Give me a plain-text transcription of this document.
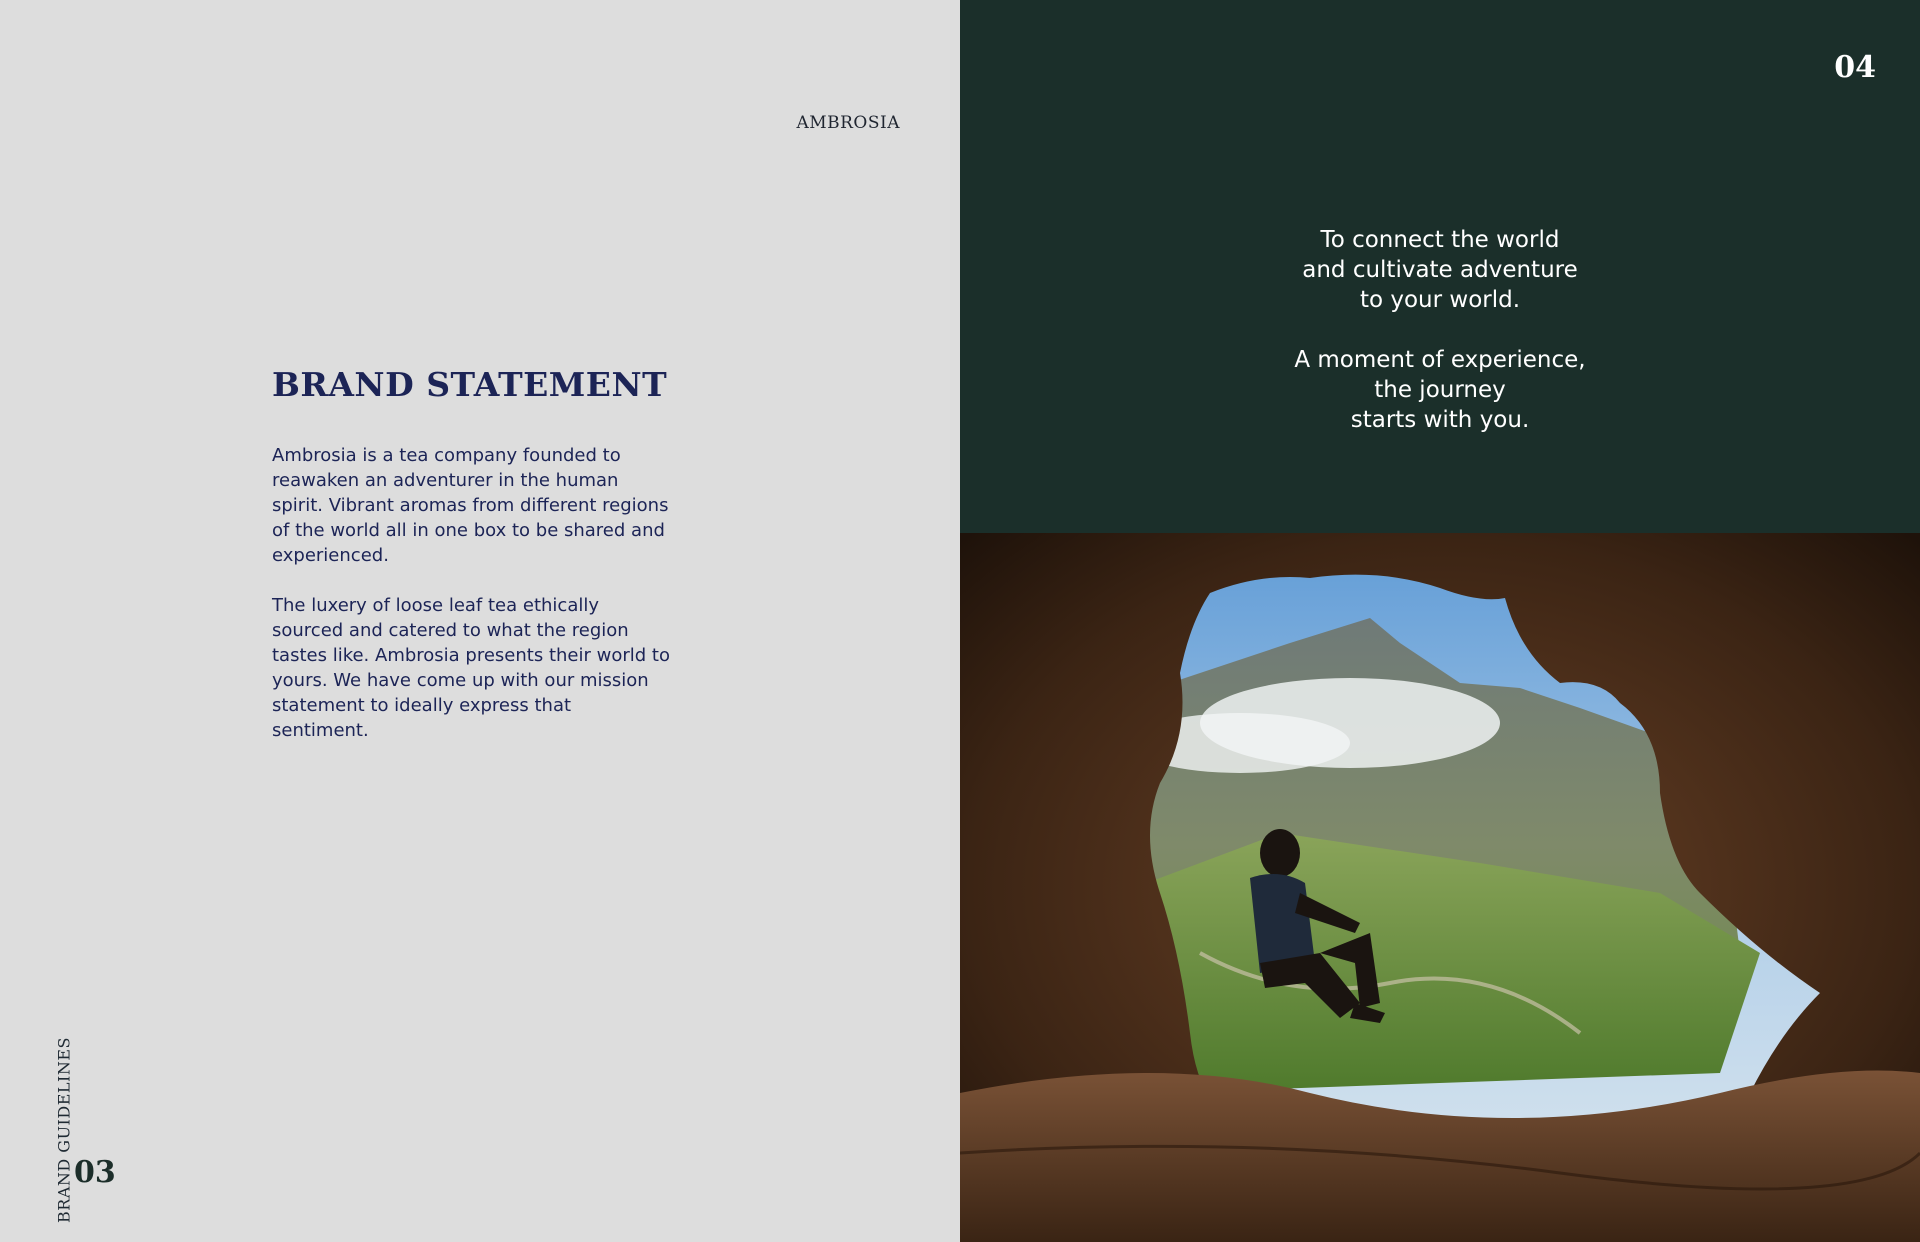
AMBROSIA
BRAND STATEMENT

Ambrosia is a tea company founded to reawaken an adventurer in the human spirit. Vibrant aromas from different regions of the world all in one box to be shared and experienced.

The luxery of loose leaf tea ethically sourced and catered to what the region tastes like. Ambrosia presents their world to yours. We have come up with our mission statement to ideally express that sentiment.

BRAND GUIDELINES 03
04
To connect the world
and cultivate adventure
to your world.
A moment of experience,
the journey
starts with you.
